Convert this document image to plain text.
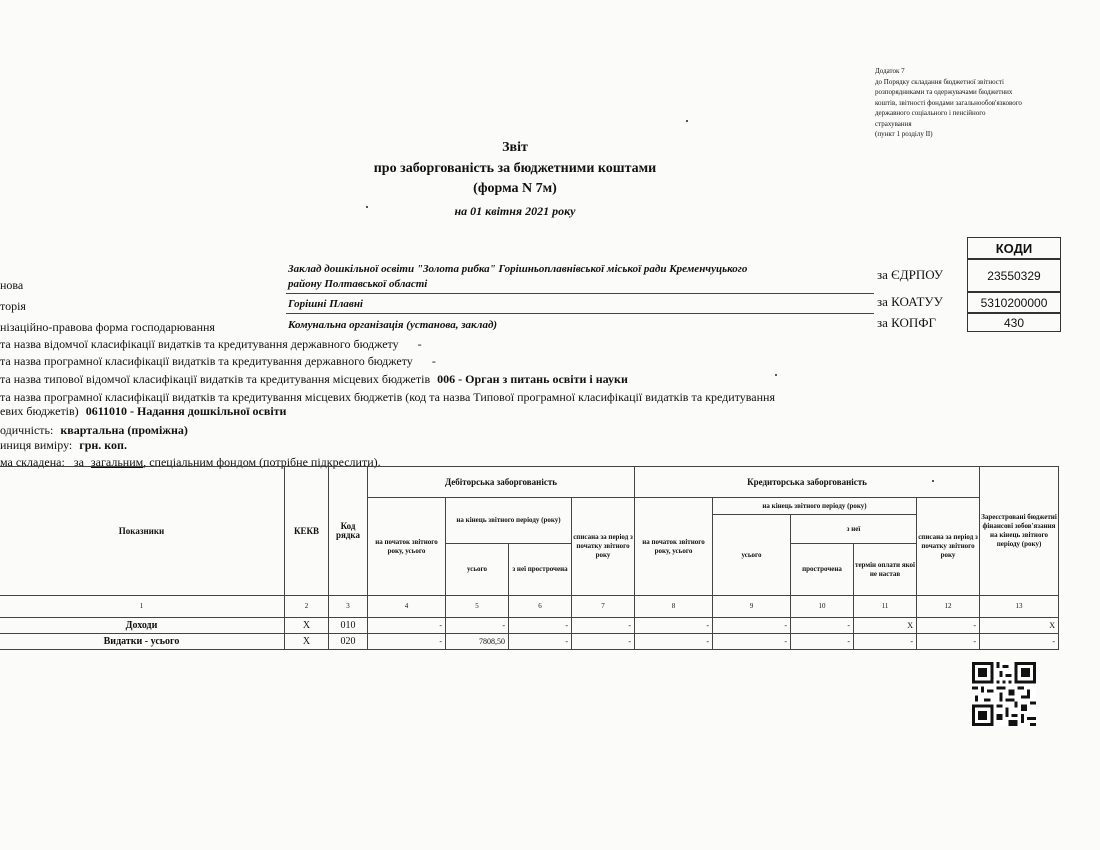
Додаток 7
до Порядку складання бюджетної звітності
розпорядниками та одержувачами бюджетних
коштів, звітності фондами загальнообов'язкового
державного соціального і пенсійного
страхування
(пункт 1 розділу II)
Звіт
про заборгованість за бюджетними коштами
(форма N 7м)
на 01 квітня 2021 року
КОДИ
за ЄДРПОУ	23550329
за КОАТУУ	5310200000
за КОПФГ	430
нова
Заклад дошкільної освіти "Золота рибка" Горішньоплавнівської міської ради Кременчуцького
району Полтавської області
торія	Горішні Плавні
нізаційно-правова форма господарювання	Комунальна організація (установа, заклад)
та назва відомчої класифікації видатків та кредитування державного бюджету -
та назва програмної класифікації видатків та кредитування державного бюджету -
та назва типової відомчої класифікації видатків та кредитування місцевих бюджетів 006 - Орган з питань освіти і науки
та назва програмної класифікації видатків та кредитування місцевих бюджетів (код та назва Типової програмної класифікації видатків та кредитування
евих бюджетів) 0611010 - Надання дошкільної освіти
одичність: квартальна (проміжна)
иниця виміру: грн. коп.
ма складена: за загальним, спеціальним фондом (потрібне підкреслити).
Показники	КЕКВ	Код рядка	Дебіторська заборгованість				Кредиторська заборгованість					Зареєстровані бюджетні фінансові зобов'язання на кінець звітного періоду (року)
			на початок звітного року, усього	на кінець звітного періоду (року)		списана за період з початку звітного року	на початок звітного року, усього	на кінець звітного періоду (року)			списана за період з початку звітного року	
								усього	з неї			
				усього	з неї прострочена				прострочена	термін оплати якої не настав		
1	2	3	4	5	6	7	8	9	10	11	12	13
Доходи	X	010	-	-	-	-	-	-	-	X	-	X
Видатки - усього	X	020	-	7808,50	-	-	-	-	-	-	-	-
